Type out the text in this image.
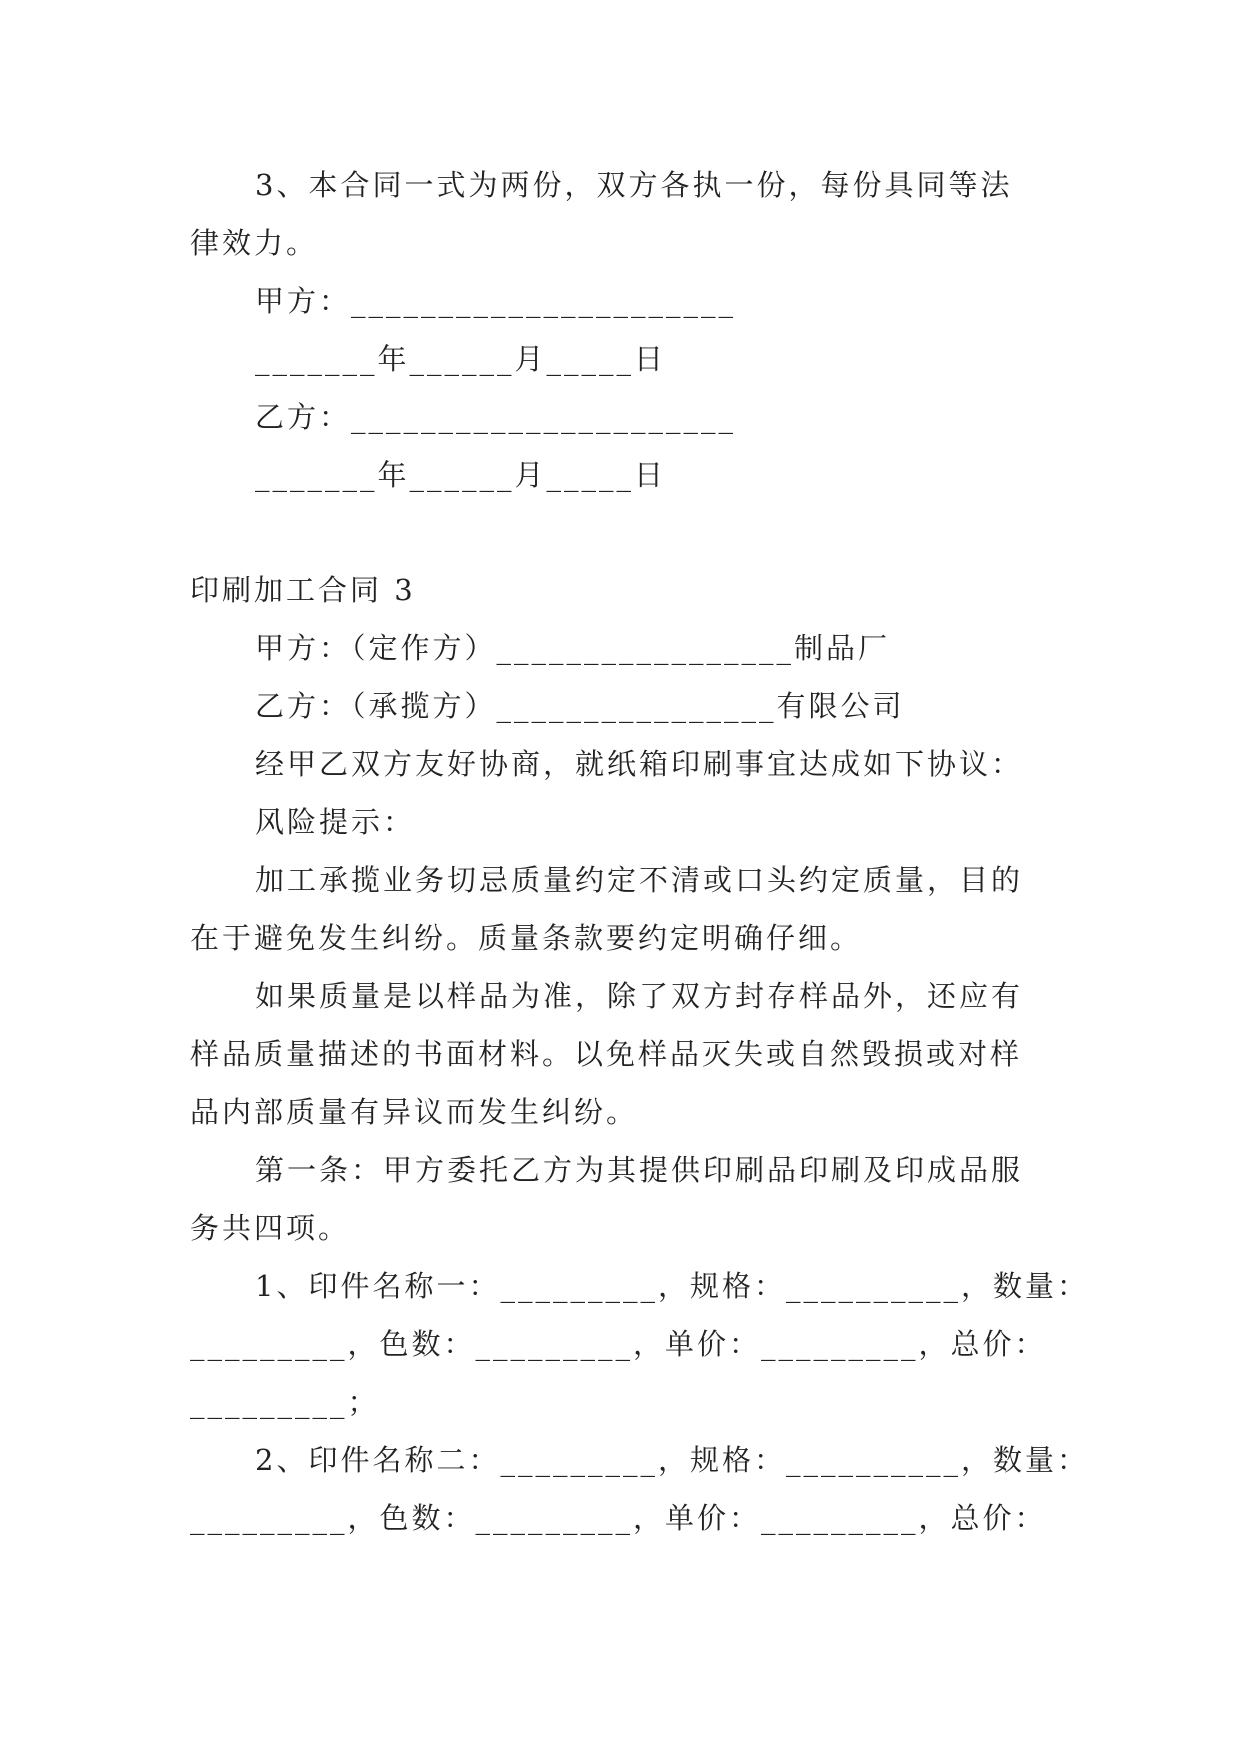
3、本合同一式为两份，双方各执一份，每份具同等法
律效力。
甲方：______________________
_______年______月_____日
乙方：______________________
_______年______月_____日
印刷加工合同 3
甲方：（定作方）_________________制品厂
乙方：（承揽方）________________有限公司
经甲乙双方友好协商，就纸箱印刷事宜达成如下协议：
风险提示：
加工承揽业务切忌质量约定不清或口头约定质量，目的
在于避免发生纠纷。质量条款要约定明确仔细。
如果质量是以样品为准，除了双方封存样品外，还应有
样品质量描述的书面材料。以免样品灭失或自然毁损或对样
品内部质量有异议而发生纠纷。
第一条：甲方委托乙方为其提供印刷品印刷及印成品服
务共四项。
1、印件名称一：_________，规格：__________，数量：
_________，色数：_________，单价：_________，总价：
_________；
2、印件名称二：_________，规格：__________，数量：
_________，色数：_________，单价：_________，总价：
